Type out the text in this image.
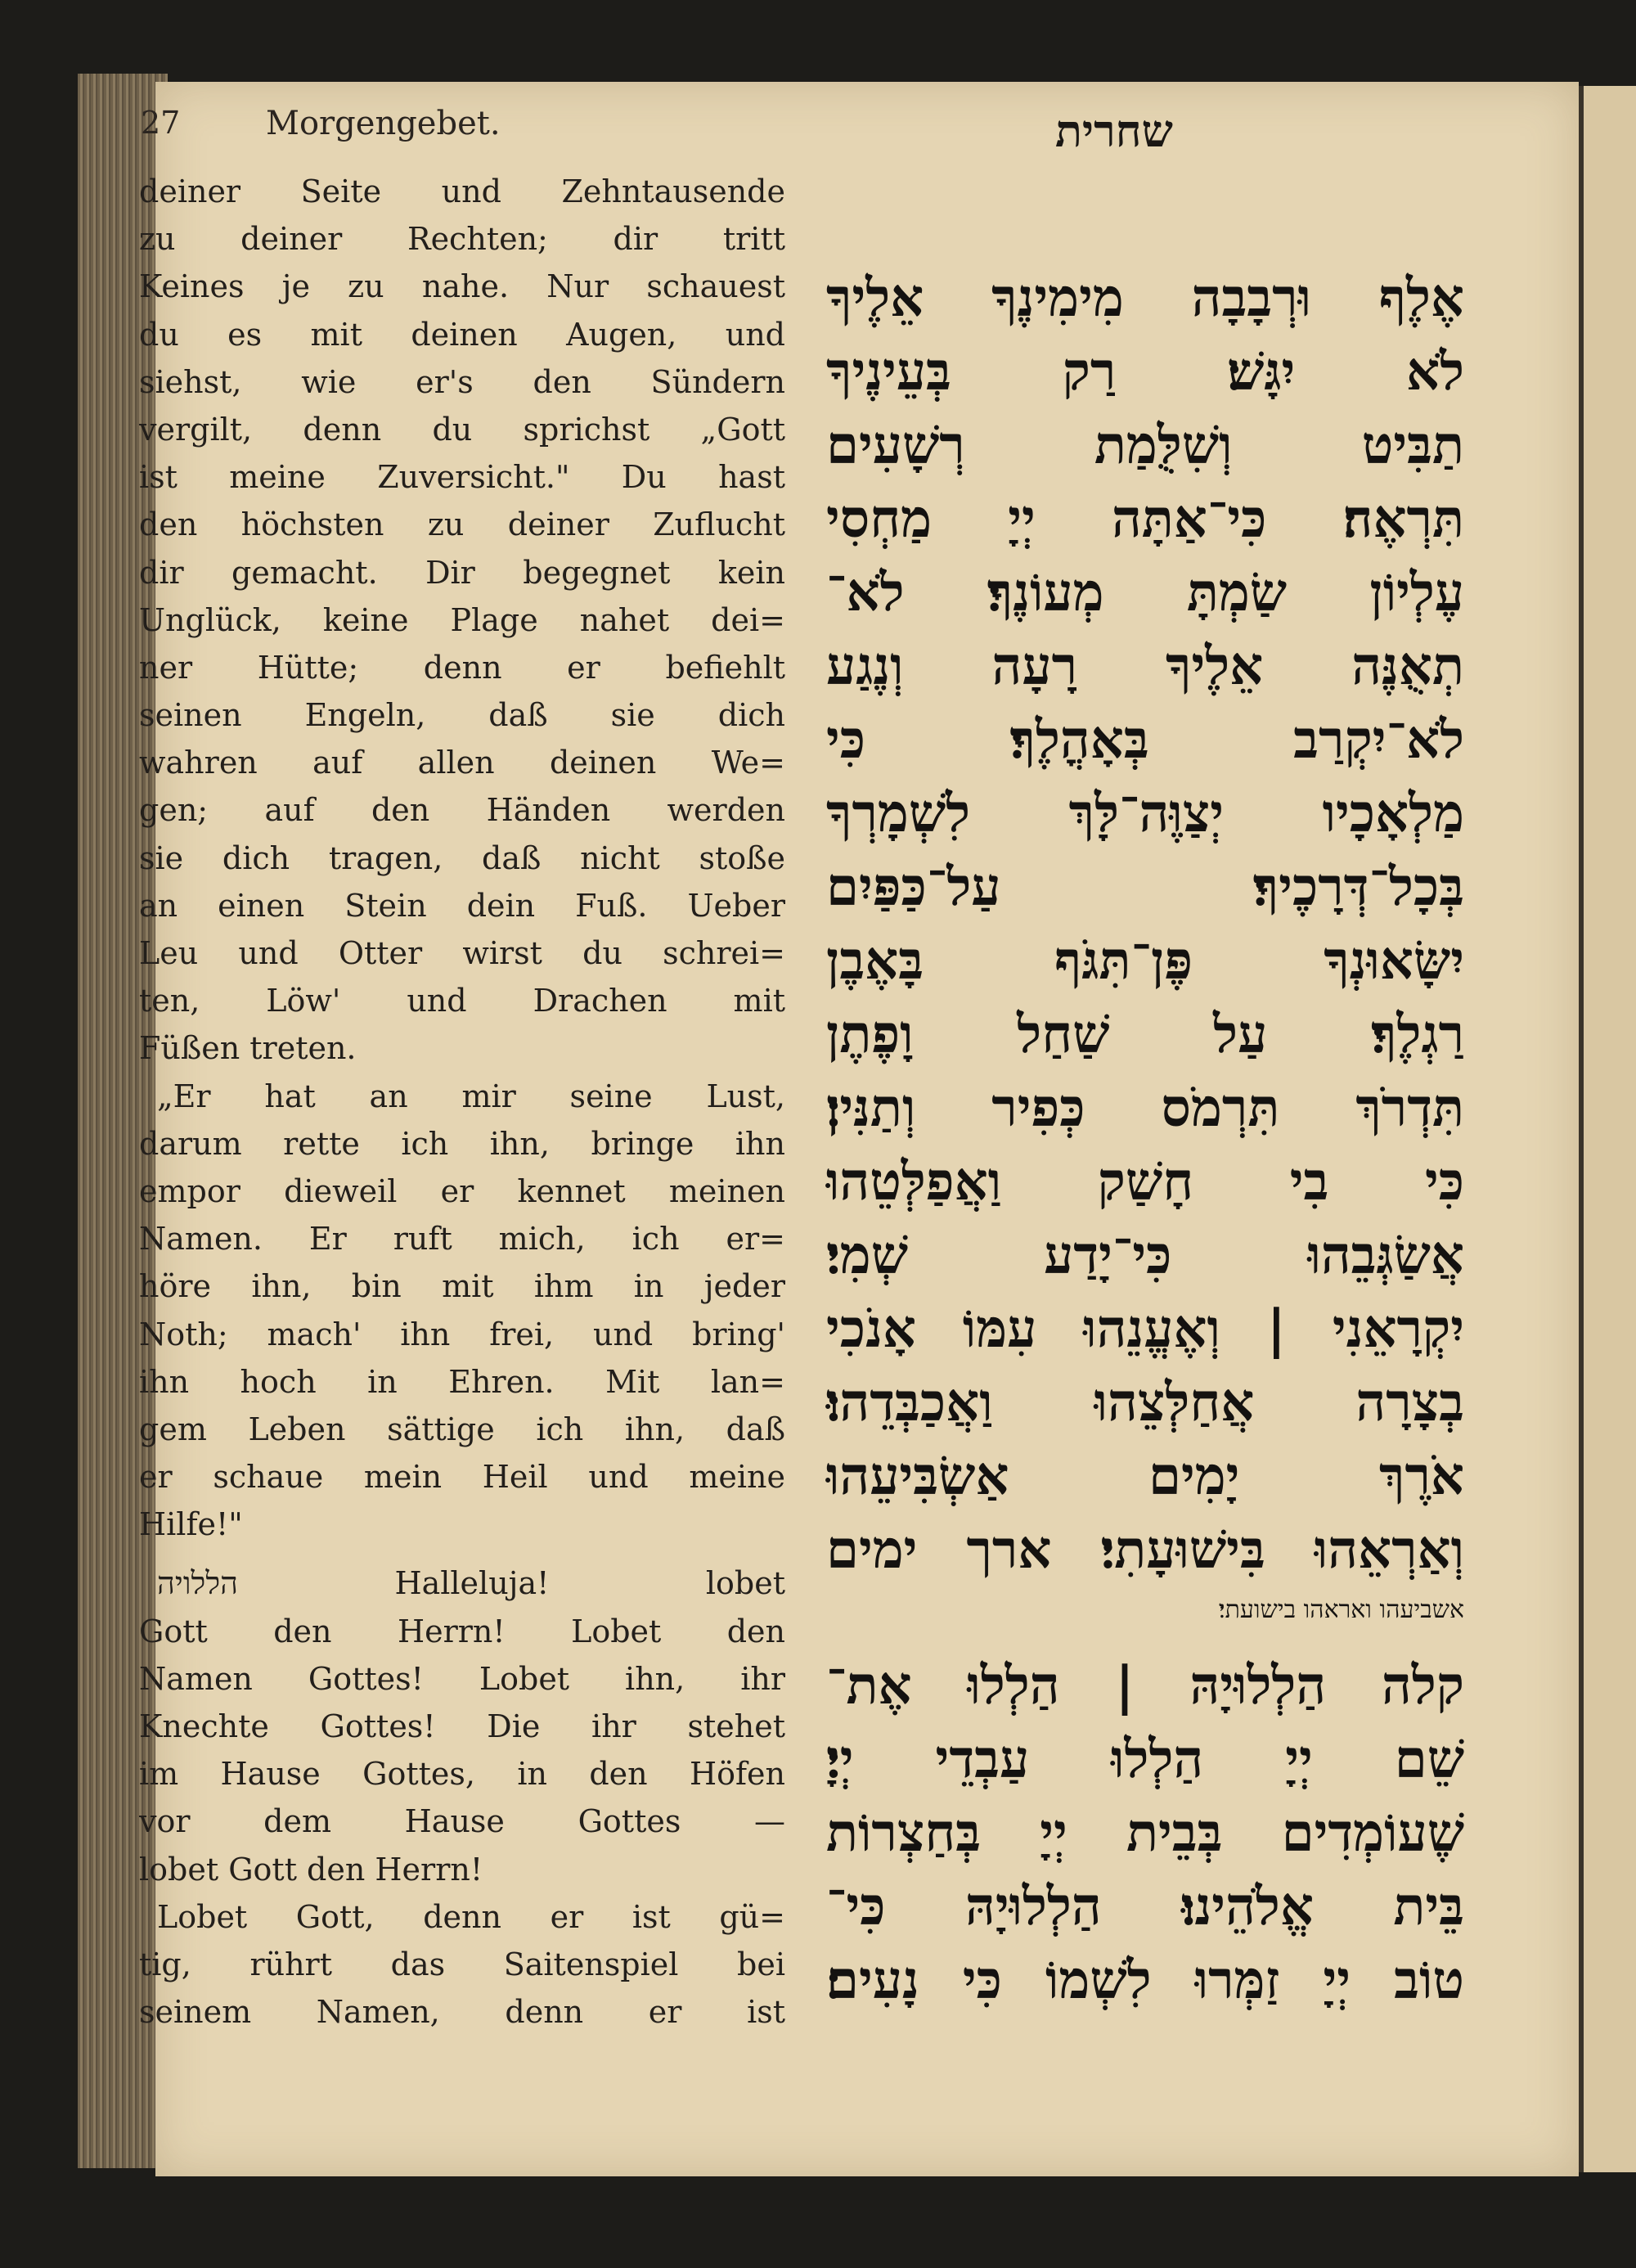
27	Morgengebet.	שחרית
deiner Seite und Zehntausende
zu deiner Rechten; dir tritt
Keines je zu nahe. Nur schauest
du es mit deinen Augen, und
siehst, wie er's den Sündern
vergilt, denn du sprichst „Gott
ist meine Zuversicht." Du hast
den höchsten zu deiner Zuflucht
dir gemacht. Dir begegnet kein
Unglück, keine Plage nahet dei=
ner Hütte; denn er befiehlt
seinen Engeln, daß sie dich
wahren auf allen deinen We=
gen; auf den Händen werden
sie dich tragen, daß nicht stoße
an einen Stein dein Fuß. Ueber
Leu und Otter wirst du schrei=
ten, Löw' und Drachen mit
Füßen treten.
„Er hat an mir seine Lust,
darum rette ich ihn, bringe ihn
empor dieweil er kennet meinen
Namen. Er ruft mich, ich er=
höre ihn, bin mit ihm in jeder
Noth; mach' ihn frei, und bring'
ihn hoch in Ehren. Mit lan=
gem Leben sättige ich ihn, daß
er schaue mein Heil und meine
Hilfe!"
הללויה Halleluja! lobet
Gott den Herrn! Lobet den
Namen Gottes! Lobet ihn, ihr
Knechte Gottes! Die ihr stehet
im Hause Gottes, in den Höfen
vor dem Hause Gottes —
lobet Gott den Herrn!
Lobet Gott, denn er ist gü=
tig, rührt das Saitenspiel bei
seinem Namen, denn er ist
אֶלֶף וּרְבָבָה מִימִינֶךָ אֵלֶיךָ
לֹא יִגָּשׁ׃ רַק בְּעֵינֶיךָ
תַבִּיט וְשִׁלֻּמַת רְשָׁעִים
תִּרְאֶה׃ כִּי־אַתָּה יְיָ מַחְסִי
עֶלְיוֹן שַׂמְתָּ מְעוֹנֶךָ׃ לֹא־
תְאֻנֶּה אֵלֶיךָ רָעָה וְנֶגַע
לֹא־יִקְרַב בְּאָהֳלֶךָ׃ כִּי
מַלְאָכָיו יְצַוֶּה־לָּךְ לִשְׁמָרְךָ
בְּכָל־דְּרָכֶיךָ׃ עַל־כַּפַּיִם
יִשָּׂאוּנְךָ פֶּן־תִּגֹּף בָּאֶבֶן
רַגְלֶךָ׃ עַל שַׁחַל וָפֶתֶן
תִּדְרֹךְ תִּרְמֹס כְּפִיר וְתַנִּין׃
כִּי בִי חָשַׁק וַאֲפַלְּטֵהוּ
אֲשַׂגְּבֵהוּ כִּי־יָדַע שְׁמִי׃
יִקְרָאֵנִי | וְאֶעֱנֵהוּ עִמּוֹ אָנֹכִי
בְצָרָה אֲחַלְּצֵהוּ וַאֲכַבְּדֵהוּ׃
אֹרֶךְ יָמִים אַשְׂבִּיעֵהוּ
וְאַרְאֵהוּ בִּישׁוּעָתִי׃ ארך ימים
אשביעהו ואראהו בישועתי׃
קלה הַלְלוּיָהּ | הַלְלוּ אֶת־
שֵׁם יְיָ הַלְלוּ עַבְדֵי יְיָ׃
שֶׁעוֹמְדִים בְּבֵית יְיָ בְּחַצְרוֹת
בֵּית אֱלֹהֵינוּ׃ הַלְלוּיָהּ כִּי־
טוֹב יְיָ זַמְּרוּ לִשְׁמוֹ כִּי נָעִים׃
